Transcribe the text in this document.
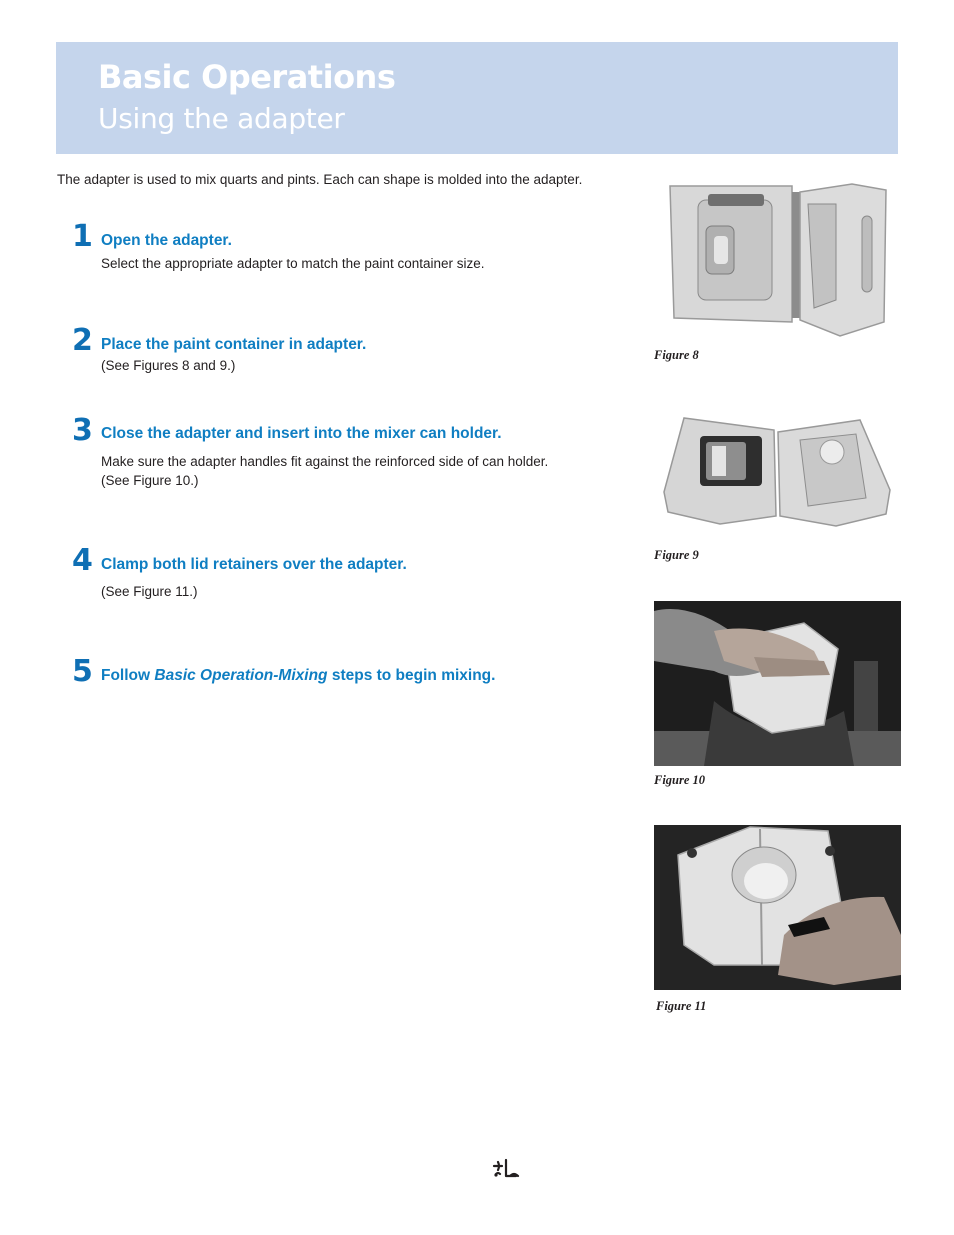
Basic Operations
Using the adapter
The adapter is used to mix quarts and pints. Each can shape is molded into the adapter.
1 Open the adapter.
Select the appropriate adapter to match the paint container size.
2 Place the paint container in adapter.
(See Figures 8 and 9.)
3 Close the adapter and insert into the mixer can holder.
Make sure the adapter handles fit against the reinforced side of can holder.
(See Figure 10.)
4 Clamp both lid retainers over the adapter.
(See Figure 11.)
5 Follow Basic Operation-Mixing steps to begin mixing.
Figure 8
Figure 9
Figure 10
Figure 11
